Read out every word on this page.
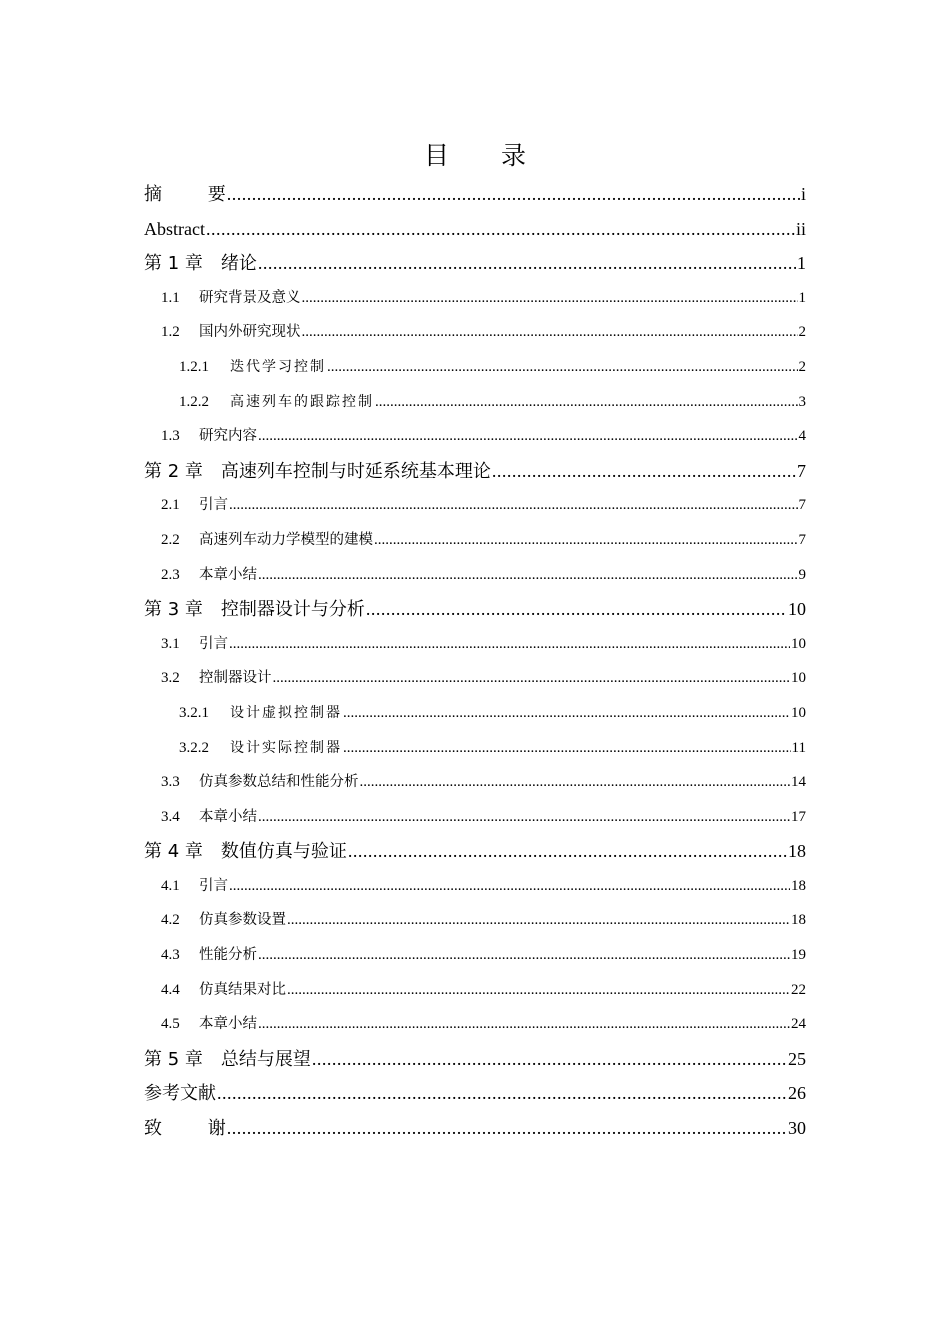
目 录
摘 要 .....	i
Abstract .....	ii
第 1 章 绪论 .....	1
1.1	研究背景及意义 .....	1
1.2	国内外研究现状 .....	2
1.2.1	迭代学习控制 .....	2
1.2.2	高速列车的跟踪控制 .....	3
1.3	研究内容 .....	4
第 2 章 高速列车控制与时延系统基本理论 .....	7
2.1	引言 .....	7
2.2	高速列车动力学模型的建模 .....	7
2.3	本章小结 .....	9
第 3 章 控制器设计与分析 .....	10
3.1	引言 .....	10
3.2	控制器设计 .....	10
3.2.1	设计虚拟控制器 .....	10
3.2.2	设计实际控制器 .....	11
3.3	仿真参数总结和性能分析 .....	14
3.4	本章小结 .....	17
第 4 章 数值仿真与验证 .....	18
4.1	引言 .....	18
4.2	仿真参数设置 .....	18
4.3	性能分析 .....	19
4.4	仿真结果对比 .....	22
4.5	本章小结 .....	24
第 5 章 总结与展望 .....	25
参考文献 .....	26
致 谢 .....	30
